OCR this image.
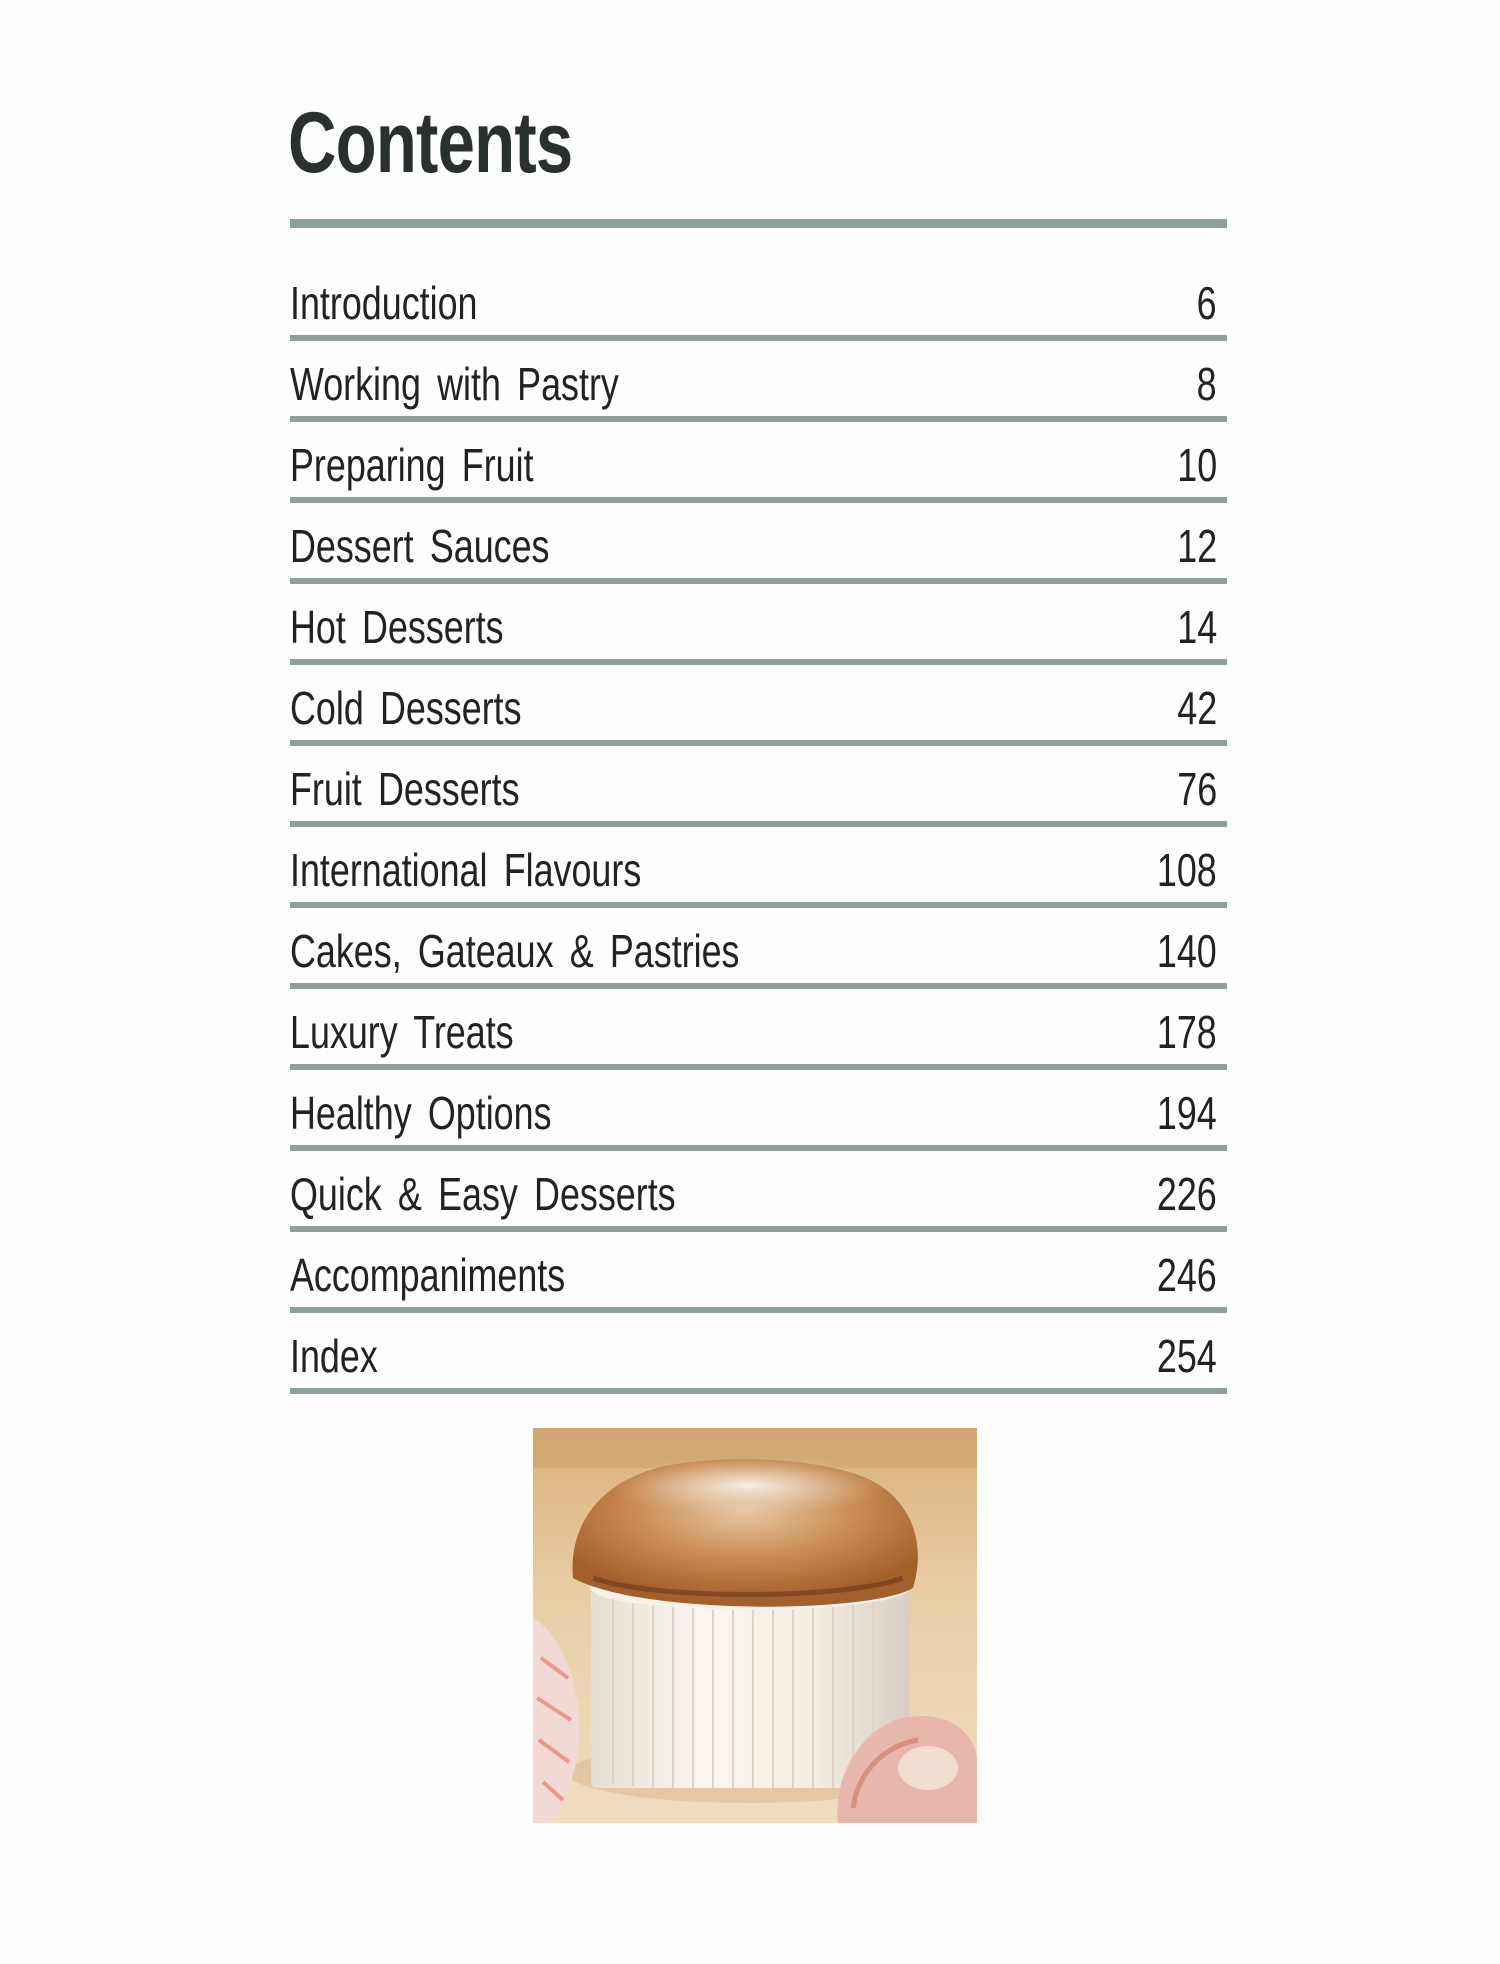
Contents
Introduction	6
Working with Pastry	8
Preparing Fruit	10
Dessert Sauces	12
Hot Desserts	14
Cold Desserts	42
Fruit Desserts	76
International Flavours	108
Cakes, Gateaux & Pastries	140
Luxury Treats	178
Healthy Options	194
Quick & Easy Desserts	226
Accompaniments	246
Index	254
